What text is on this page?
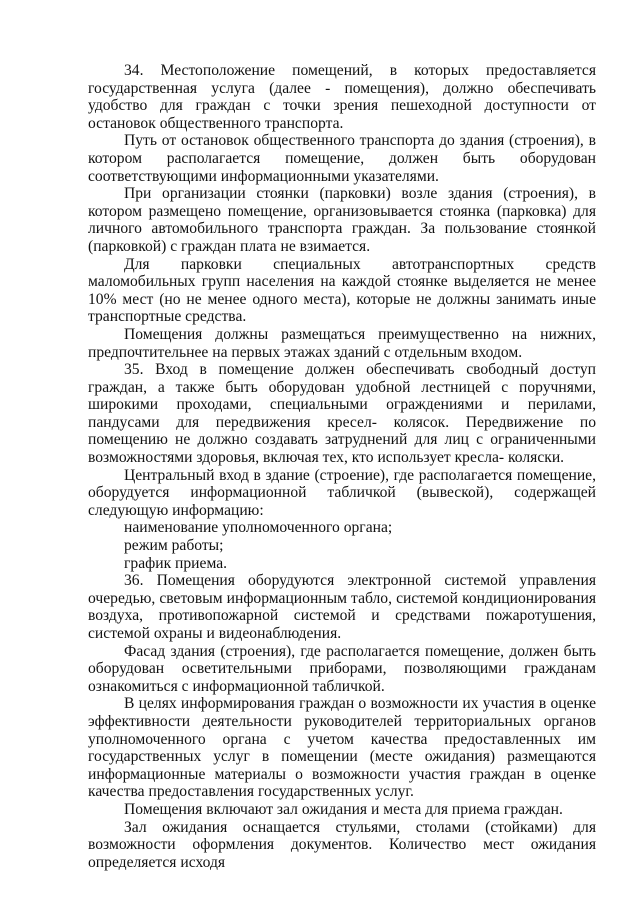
34. Местоположение помещений, в которых предоставляется государственная услуга (далее - помещения), должно обеспечивать удобство для граждан с точки зрения пешеходной доступности от остановок общественного транспорта.

Путь от остановок общественного транспорта до здания (строения), в котором располагается помещение, должен быть оборудован соответствующими информационными указателями.

При организации стоянки (парковки) возле здания (строения), в котором размещено помещение, организовывается стоянка (парковка) для личного автомобильного транспорта граждан. За пользование стоянкой (парковкой) с граждан плата не взимается.

Для парковки специальных автотранспортных средств маломобильных групп населения на каждой стоянке выделяется не менее 10% мест (но не менее одного места), которые не должны занимать иные транспортные средства.

Помещения должны размещаться преимущественно на нижних, предпочтительнее на первых этажах зданий с отдельным входом.

35. Вход в помещение должен обеспечивать свободный доступ граждан, а также быть оборудован удобной лестницей с поручнями, широкими проходами, специальными ограждениями и перилами, пандусами для передвижения кресел- колясок. Передвижение по помещению не должно создавать затруднений для лиц с ограниченными возможностями здоровья, включая тех, кто использует кресла- коляски.

Центральный вход в здание (строение), где располагается помещение, оборудуется информационной табличкой (вывеской), содержащей следующую информацию:

наименование уполномоченного органа;

режим работы;

график приема.

36. Помещения оборудуются электронной системой управления очередью, световым информационным табло, системой кондиционирования воздуха, противопожарной системой и средствами пожаротушения, системой охраны и видеонаблюдения.

Фасад здания (строения), где располагается помещение, должен быть оборудован осветительными приборами, позволяющими гражданам ознакомиться с информационной табличкой.

В целях информирования граждан о возможности их участия в оценке эффективности деятельности руководителей территориальных органов уполномоченного органа с учетом качества предоставленных им государственных услуг в помещении (месте ожидания) размещаются информационные материалы о возможности участия граждан в оценке качества предоставления государственных услуг.

Помещения включают зал ожидания и места для приема граждан.

Зал ожидания оснащается стульями, столами (стойками) для возможности оформления документов. Количество мест ожидания определяется исходя
